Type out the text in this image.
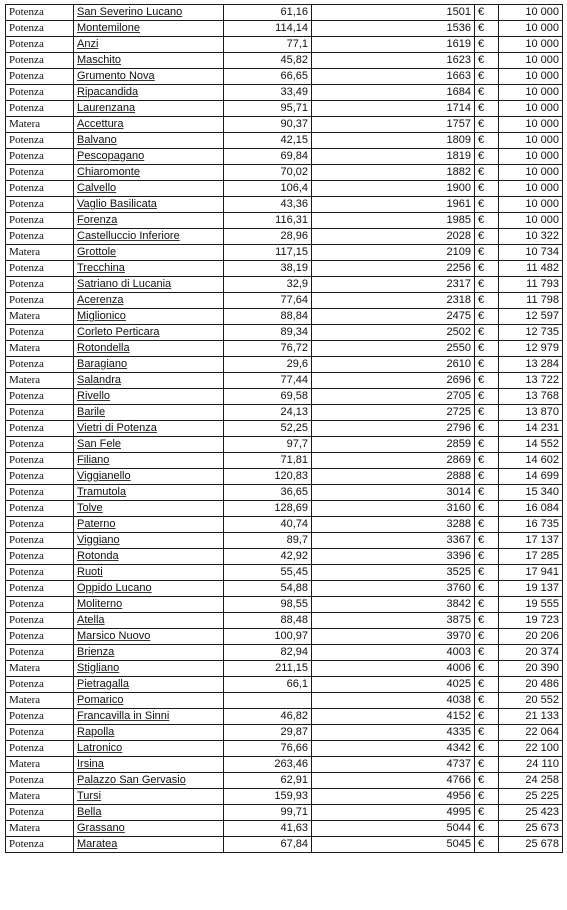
Potenza	San Severino Lucano	61,16	1501	€	10 000
Potenza	Montemilone	114,14	1536	€	10 000
Potenza	Anzi	77,1	1619	€	10 000
Potenza	Maschito	45,82	1623	€	10 000
Potenza	Grumento Nova	66,65	1663	€	10 000
Potenza	Ripacandida	33,49	1684	€	10 000
Potenza	Laurenzana	95,71	1714	€	10 000
Matera	Accettura	90,37	1757	€	10 000
Potenza	Balvano	42,15	1809	€	10 000
Potenza	Pescopagano	69,84	1819	€	10 000
Potenza	Chiaromonte	70,02	1882	€	10 000
Potenza	Calvello	106,4	1900	€	10 000
Potenza	Vaglio Basilicata	43,36	1961	€	10 000
Potenza	Forenza	116,31	1985	€	10 000
Potenza	Castelluccio Inferiore	28,96	2028	€	10 322
Matera	Grottole	117,15	2109	€	10 734
Potenza	Trecchina	38,19	2256	€	11 482
Potenza	Satriano di Lucania	32,9	2317	€	11 793
Potenza	Acerenza	77,64	2318	€	11 798
Matera	Miglionico	88,84	2475	€	12 597
Potenza	Corleto Perticara	89,34	2502	€	12 735
Matera	Rotondella	76,72	2550	€	12 979
Potenza	Baragiano	29,6	2610	€	13 284
Matera	Salandra	77,44	2696	€	13 722
Potenza	Rivello	69,58	2705	€	13 768
Potenza	Barile	24,13	2725	€	13 870
Potenza	Vietri di Potenza	52,25	2796	€	14 231
Potenza	San Fele	97,7	2859	€	14 552
Potenza	Filiano	71,81	2869	€	14 602
Potenza	Viggianello	120,83	2888	€	14 699
Potenza	Tramutola	36,65	3014	€	15 340
Potenza	Tolve	128,69	3160	€	16 084
Potenza	Paterno	40,74	3288	€	16 735
Potenza	Viggiano	89,7	3367	€	17 137
Potenza	Rotonda	42,92	3396	€	17 285
Potenza	Ruoti	55,45	3525	€	17 941
Potenza	Oppido Lucano	54,88	3760	€	19 137
Potenza	Moliterno	98,55	3842	€	19 555
Potenza	Atella	88,48	3875	€	19 723
Potenza	Marsico Nuovo	100,97	3970	€	20 206
Potenza	Brienza	82,94	4003	€	20 374
Matera	Stigliano	211,15	4006	€	20 390
Potenza	Pietragalla	66,1	4025	€	20 486
Matera	Pomarico		4038	€	20 552
Potenza	Francavilla in Sinni	46,82	4152	€	21 133
Potenza	Rapolla	29,87	4335	€	22 064
Potenza	Latronico	76,66	4342	€	22 100
Matera	Irsina	263,46	4737	€	24 110
Potenza	Palazzo San Gervasio	62,91	4766	€	24 258
Matera	Tursi	159,93	4956	€	25 225
Potenza	Bella	99,71	4995	€	25 423
Matera	Grassano	41,63	5044	€	25 673
Potenza	Maratea	67,84	5045	€	25 678
